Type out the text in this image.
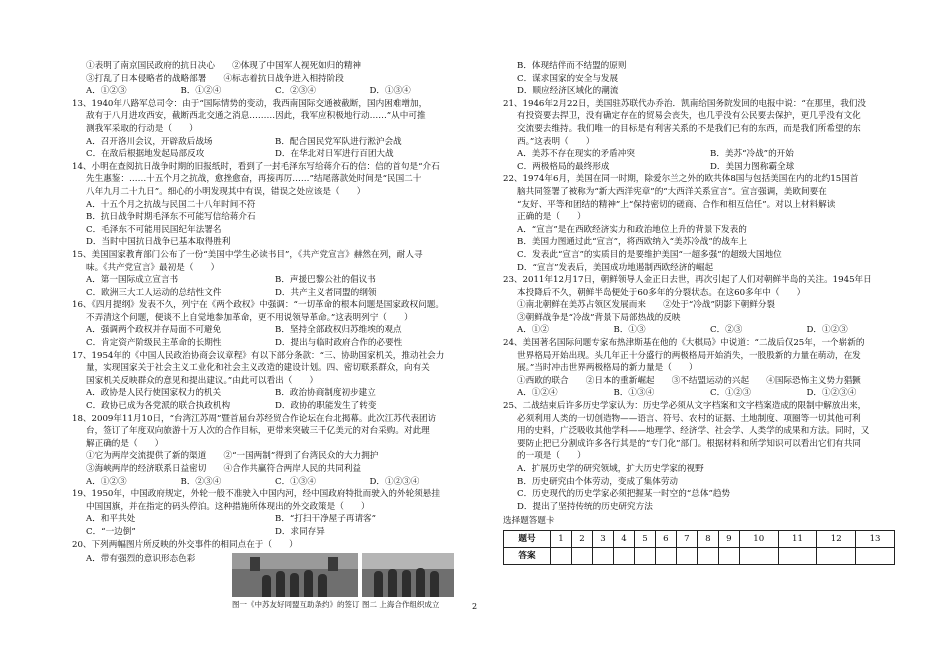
①表明了南京国民政府的抗日决心　　②体现了中国军人视死如归的精神
③打乱了日本侵略者的战略部署　　④标志着抗日战争进入相持阶段
A．①②③	B．①②④	C．②③④	D．①③④
13、1940年八路军总司令：由于“国际情势的变动，我西南国际交通被截断，国内困难增加，
敌有于八月进攻西安，截断西北交通之消息………因此，我军应积极地行动……”从中可推
测我军采取的行动是（　　）
A．召开洛川会议，开辟敌后战场	B．配合国民党军队进行淞沪会战
C．在敌后根据地发起局部反攻	D．在华北对日军进行百团大战
14、小明在查阅抗日战争时期的旧报纸时，看到了一封毛泽东写给蒋介石的信：信的首句是“介石
先生惠鉴：……十五个月之抗战，愈挫愈奋，再接再厉……”结尾落款处时间是“民国二十
八年九月二十九日”。细心的小明发现其中有误，错误之处应该是（　　）
A．十五个月之抗战与民国二十八年时间不符
B．抗日战争时期毛泽东不可能写信给蒋介石
C．毛泽东不可能用民国纪年法署名
D．当时中国抗日战争已基本取得胜利
15、美国国家教育部门公布了一份“美国中学生必读书目”，《共产党宣言》赫然在列，耐人寻
味。《共产党宣言》最初是（　　）
A．第一国际成立宣言书	B．声援巴黎公社的倡议书
C．欧洲三大工人运动的总结性文件	D．共产主义者同盟的纲领
16、《四月提纲》发表不久，列宁在《两个政权》中强调：“一切革命的根本问题是国家政权问题。
不弄清这个问题，便谈不上自觉地参加革命，更不用说领导革命。”这表明列宁（　　）
A．强调两个政权并存局面不可避免	B．坚持全部政权归苏维埃的观点
C．肯定资产阶级民主革命的长期性	D．提出与临时政府合作的必要性
17、1954年的《中国人民政治协商会议章程》有以下部分条款：“三、协助国家机关，推动社会力
量，实现国家关于社会主义工业化和社会主义改造的建设计划。四、密切联系群众，向有关
国家机关反映群众的意见和提出建议。”由此可以看出（　　）
A．政协是人民行使国家权力的机关	B．政治协商制度初步建立
C．政协已成为各党派的联合执政机构	D．政协的职能发生了转变
18、2009年11月10日，“台湾江苏周”暨首届台苏经贸合作论坛在台北揭幕。此次江苏代表团访
台，签订了年度双向旅游十万人次的合作目标，更带来突破三千亿美元的对台采购。对此理
解正确的是（　　）
①它为两岸交流提供了新的渠道　　②“一国两制”得到了台湾民众的大力拥护
③海峡两岸的经济联系日益密切　　④合作共赢符合两岸人民的共同利益
A．①②③	B．②③④	C．①③④	D．①②③④
19、1950年，中国政府规定，外轮一般不准驶入中国内河，经中国政府特批而驶入的外轮须悬挂
中国国旗，并在指定的码头停泊。这种措施所体现出的外交政策是（　　）
A．和平共处	B．“打扫干净屋子再请客”
C．“一边倒”	D．求同存异
20、下列两幅图片所反映的外交事件的相同点在于（　　）
A．带有强烈的意识形态色彩
图一《中苏友好同盟互助条约》的签订 图二 上海合作组织成立
B．体现结伴而不结盟的原则
C．谋求国家的安全与发展
D．顺应经济区域化的潮流
21、1946年2月22日，美国驻苏联代办乔治．凯南给国务院发回的电报中说：“在那里，我们没
有投资要去捍卫，没有确定存在的贸易会丧失，也几乎没有公民要去保护，更几乎没有文化
交流要去维持。我们唯一的目标是有利害关系的不是我们已有的东西，而是我们所希望的东
西。”这表明（　　）
A．美苏不存在现实的矛盾冲突	B．美苏“冷战”的开始
C．两极格局的最终形成	D．美国力图称霸全球
22、1974年6月，美国在同一时期，除爱尔兰之外的欧共体8国与包括美国在内的北约15国首
脑共同签署了被称为“新大西洋宪章”的“大西洋关系宣言”。宣言强调，美欧间要在
“友好、平等和团结的精神”上“保持密切的磋商、合作和相互信任”。对以上材料解读
正确的是（　　）
A．“宣言”是在西欧经济实力和政治地位上升的背景下发表的
B．美国力图通过此“宣言”，将西欧纳入“美苏冷战”的战车上
C．发表此“宣言”的实质目的是要维护美国“一超多强”的超级大国地位
D．“宣言”发表后，美国成功地遏制西欧经济的崛起
23、2011年12月17日，朝鲜领导人金正日去世，再次引起了人们对朝鲜半岛的关注。1945年日
本投降后不久，朝鲜半岛便处于60多年的分裂状态。在这60多年中（　　）
①南北朝鲜在美苏占领区发展而来　　②处于“冷战”阴影下朝鲜分裂
③朝鲜战争是“冷战”背景下局部热战的反映
A．①②	B．①③	C．②③	D．①②③
24、美国著名国际问题专家布热津斯基在他的《大棋局》中说道：“二战后仅25年，一个崭新的
世界格局开始出现。头几年正十分盛行的两极格局开始消失，一股股新的力量在萌动，在发
展。”当时冲击世界两极格局的新力量是（　　）
①西欧的联合　　②日本的重新崛起　　③不结盟运动的兴起　　④国际恐怖主义势力猖獗
A．①②④	B．①③④	C．①②③	D．①②③④
25、二战结束后许多历史学家认为：历史学必须从文字档案和文字档案造成的限制中解放出来，
必须利用人类的一切创造物——语言、符号、农村的证据、土地制度、项圈等一切其他可利
用的史料，广泛吸收其他学科——地理学、经济学、社会学、人类学的成果和方法。同时，又
要防止把已分割成许多各行其是的“专门化”部门。根据材料和所学知识可以看出它们有共同
的一项是（　　）
A．扩展历史学的研究领域，扩大历史学家的视野
B．历史研究由个体劳动，变成了集体劳动
C．历史现代的历史学家必须把握某一时空的“总体”趋势
D．提出了坚持传统的历史研究方法
选择题答题卡
题号	1	2	3	4	5	6	7	8	9	10	11	12	13
答案													
2
